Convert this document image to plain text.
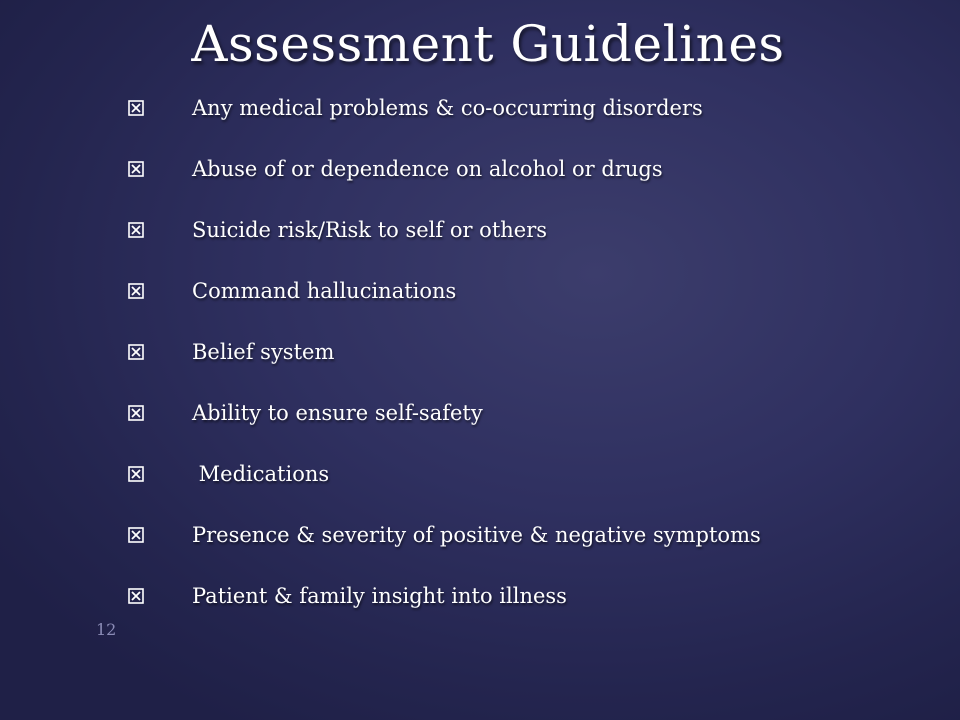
Assessment Guidelines
Any medical problems & co-occurring disorders
Abuse of or dependence on alcohol or drugs
Suicide risk/Risk to self or others
Command hallucinations
Belief system
Ability to ensure self-safety
Medications
Presence & severity of positive & negative symptoms
Patient & family insight into illness
12
